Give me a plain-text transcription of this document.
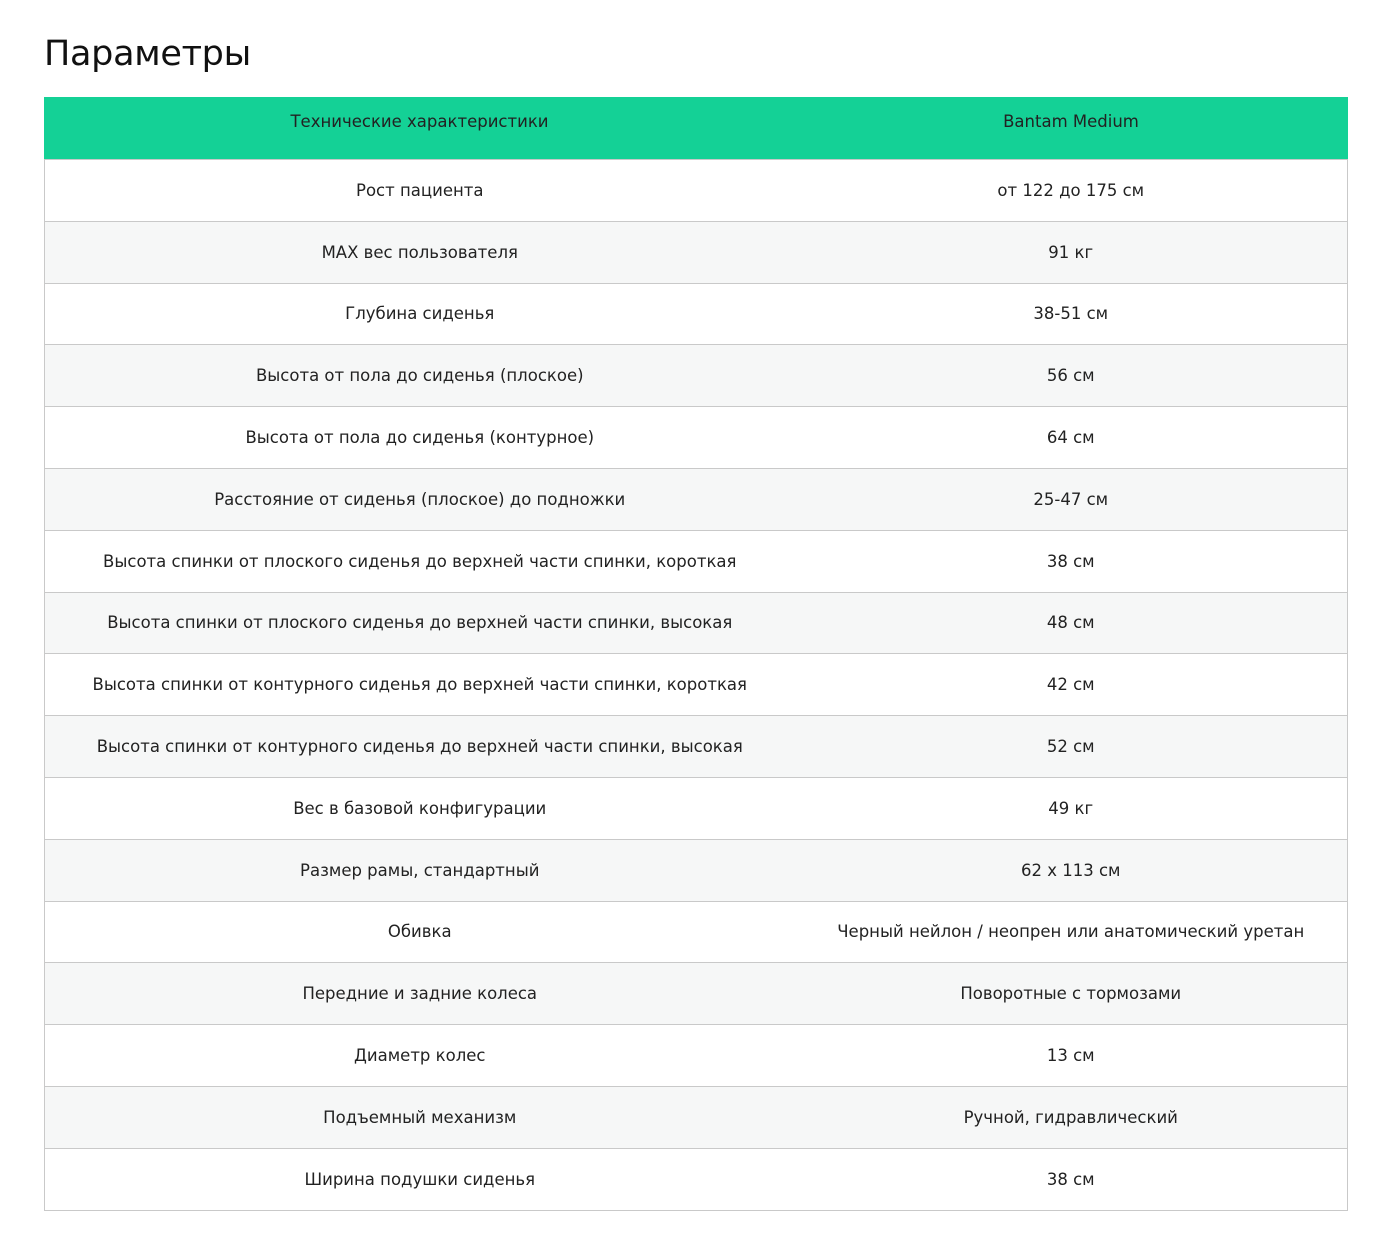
Параметры
Технические характеристики	Bantam Medium
Рост пациента	от 122 до 175 см
MAX вес пользователя	91 кг
Глубина сиденья	38-51 см
Высота от пола до сиденья (плоское)	56 см
Высота от пола до сиденья (контурное)	64 см
Расстояние от сиденья (плоское) до подножки	25-47 см
Высота спинки от плоского сиденья до верхней части спинки, короткая	38 см
Высота спинки от плоского сиденья до верхней части спинки, высокая	48 см
Высота спинки от контурного сиденья до верхней части спинки, короткая	42 см
Высота спинки от контурного сиденья до верхней части спинки, высокая	52 см
Вес в базовой конфигурации	49 кг
Размер рамы, стандартный	62 x 113 см
Обивка	Черный нейлон / неопрен или анатомический уретан
Передние и задние колеса	Поворотные с тормозами
Диаметр колес	13 см
Подъемный механизм	Ручной, гидравлический
Ширина подушки сиденья	38 см
